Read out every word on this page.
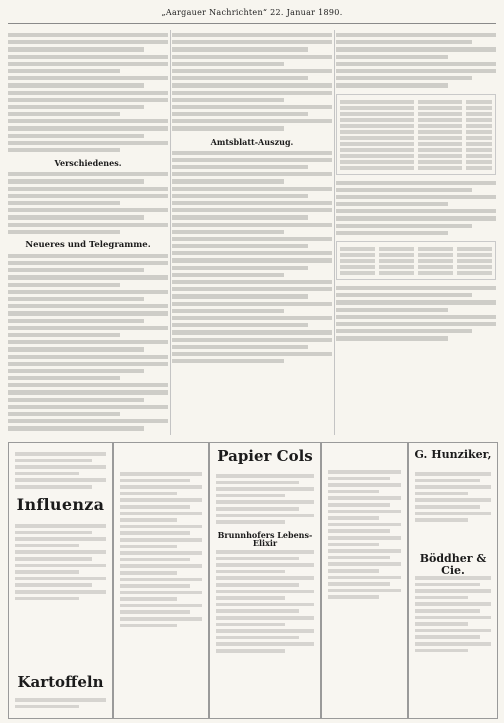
„Aargauer Nachrichten“ 22. Januar 1890.
Verschiedenes.
Neueres und Telegramme.
Amtsblatt-Auszug.
Influenza
Kartoffeln
Papier Cols
Brunnhofers Lebens-Elixir
G. Hunziker,
Böddher & Cie.
